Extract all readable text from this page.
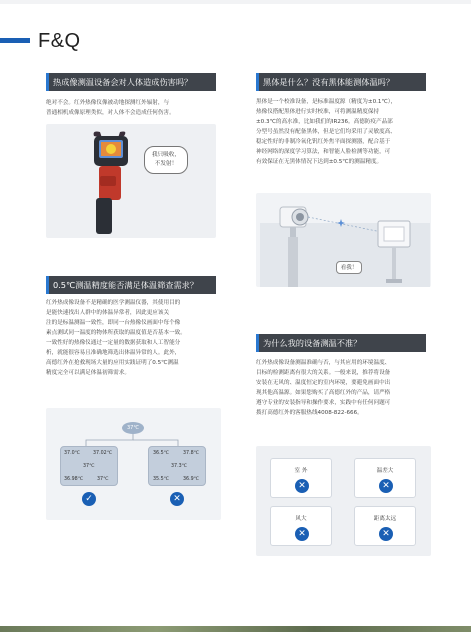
F&Q
热成像测温设备会对人体造成伤害吗？
绝对不会。红外热像仪像被动地探测红外辐射，与
普通相机成像原理类似，对人体不会造成任何伤害。
我只吸收，
不发射！
黑体是什么？没有黑体能测体温吗？
黑体是一个校准设备，是标准温度源（精度为±0.1℃），
热像仪搭配黑体进行实时校准，可将测温精度保持
±0.3℃的高水准，比如我们的IR236。高德防疫产品部
分型号虽然没有配备黑体，但是它们均采用了灵敏度高、
稳定性好的非制冷氧化钒红外焦平面探测器，配合基于
神经网络的深度学习算法，和智能人脸检测等功能，可
有效保证在无黑体情况下达到±0.5℃的测温精度。
看我！
0.5℃测温精度能否满足体温筛查需求？
红外热成像设备不是精确的医学测温仪器，其使用目的
是能快速找出人群中的体温异常者，因此更应该关
注的是标温测温一致性，即同一台热像仪画面中每个像
素点测试同一温度的物体所获取的温度值是否基本一致。
一致性好的热像仪通过一定量的数据获取和人工智能分
析，就能很容易且准确地筛选出体温异常的人。此外，
高德红外在抢救现场大量的应用实践证明了0.5℃测温
精度完全可以满足体温初筛需求。
37℃
37.0℃	37.02℃
37℃
36.98℃	37℃
✓
36.5℃	37.8℃
37.3℃
35.5℃	36.9℃
✕
为什么我的设备测温不准？
红外热成像设备测温准确与否，与其应用的环境温度、
目标的检测距离有很大的关系。一般来说，推荐将设备
安装在无风的、温度恒定的室内环境，要避免画面中出
现其他高温源。如果您购买了高德红外的产品，请严格
遵守专业的安装指导和操作要求，实践中有任何问题可
拨打高德红外的客服热线4008-822-666。
室 外
✕
温差大
✕
风大
✕
距离太远
✕
